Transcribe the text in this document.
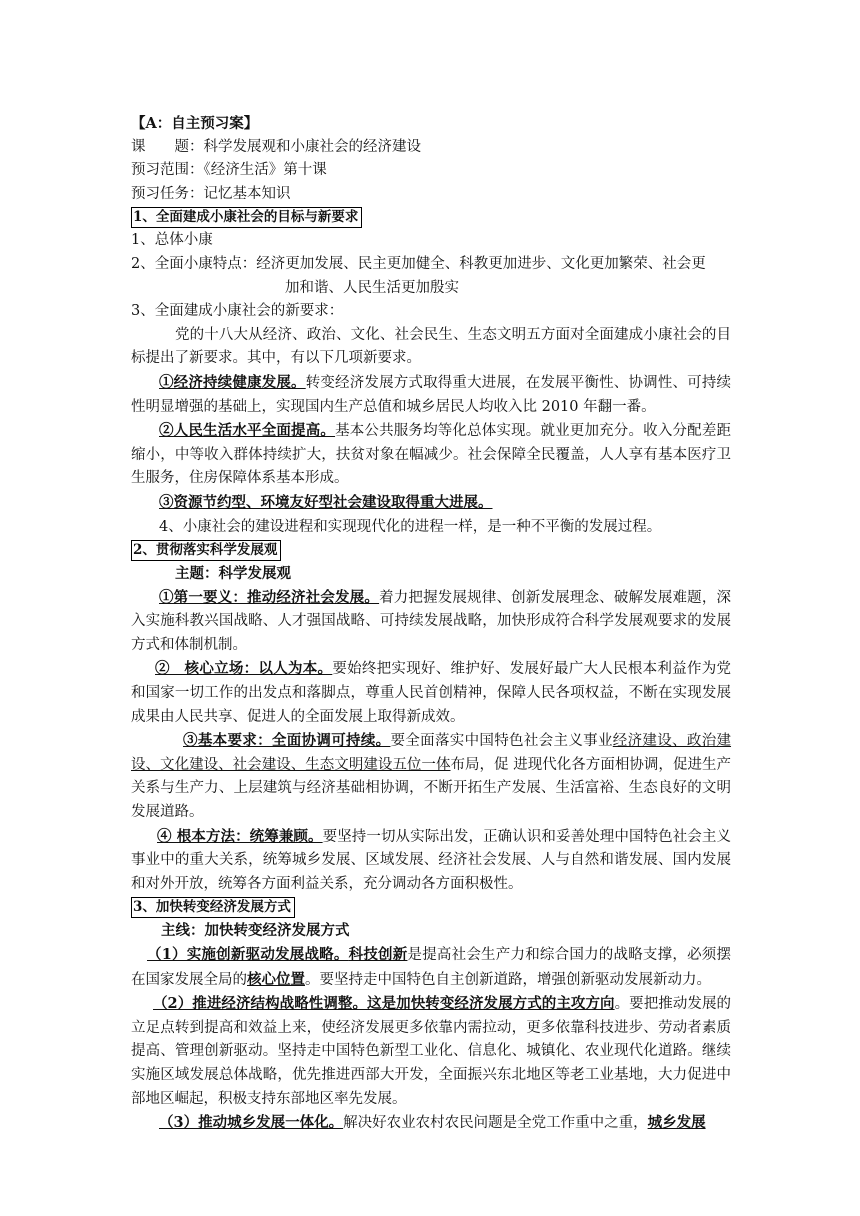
【A：自主预习案】
课　　题：科学发展观和小康社会的经济建设
预习范围：《经济生活》第十课
预习任务：记忆基本知识
1、全面建成小康社会的目标与新要求
1、总体小康
2、全面小康特点：经济更加发展、民主更加健全、科教更加进步、文化更加繁荣、社会更
加和谐、人民生活更加殷实
3、全面建成小康社会的新要求：
党的十八大从经济、政治、文化、社会民生、生态文明五方面对全面建成小康社会的目标提出了新要求。其中，有以下几项新要求。
①经济持续健康发展。转变经济发展方式取得重大进展，在发展平衡性、协调性、可持续性明显增强的基础上，实现国内生产总值和城乡居民人均收入比 2010 年翻一番。
②人民生活水平全面提高。基本公共服务均等化总体实现。就业更加充分。收入分配差距缩小，中等收入群体持续扩大，扶贫对象在幅减少。社会保障全民覆盖，人人享有基本医疗卫生服务，住房保障体系基本形成。
③资源节约型、环境友好型社会建设取得重大进展。
4、小康社会的建设进程和实现现代化的进程一样，是一种不平衡的发展过程。
2、贯彻落实科学发展观
主题：科学发展观
①第一要义：推动经济社会发展。着力把握发展规律、创新发展理念、破解发展难题，深入实施科教兴国战略、人才强国战略、可持续发展战略，加快形成符合科学发展观要求的发展方式和体制机制。
②　核心立场：以人为本。要始终把实现好、维护好、发展好最广大人民根本利益作为党和国家一切工作的出发点和落脚点，尊重人民首创精神，保障人民各项权益，不断在实现发展成果由人民共享、促进人的全面发展上取得新成效。
③基本要求：全面协调可持续。要全面落实中国特色社会主义事业经济建设、政治建设、文化建设、社会建设、生态文明建设五位一体布局，促 进现代化各方面相协调，促进生产关系与生产力、上层建筑与经济基础相协调，不断开拓生产发展、生活富裕、生态良好的文明发展道路。
④ 根本方法：统筹兼顾。要坚持一切从实际出发，正确认识和妥善处理中国特色社会主义事业中的重大关系，统筹城乡发展、区域发展、经济社会发展、人与自然和谐发展、国内发展和对外开放，统筹各方面利益关系，充分调动各方面积极性。
3、加快转变经济发展方式
主线：加快转变经济发展方式
（1）实施创新驱动发展战略。科技创新是提高社会生产力和综合国力的战略支撑，必须摆在国家发展全局的核心位置。要坚持走中国特色自主创新道路，增强创新驱动发展新动力。
（2）推进经济结构战略性调整。这是加快转变经济发展方式的主攻方向。要把推动发展的立足点转到提高和效益上来，使经济发展更多依靠内需拉动，更多依靠科技进步、劳动者素质提高、管理创新驱动。坚持走中国特色新型工业化、信息化、城镇化、农业现代化道路。继续实施区域发展总体战略，优先推进西部大开发，全面振兴东北地区等老工业基地，大力促进中部地区崛起，积极支持东部地区率先发展。
（3）推动城乡发展一体化。解决好农业农村农民问题是全党工作重中之重，城乡发展
